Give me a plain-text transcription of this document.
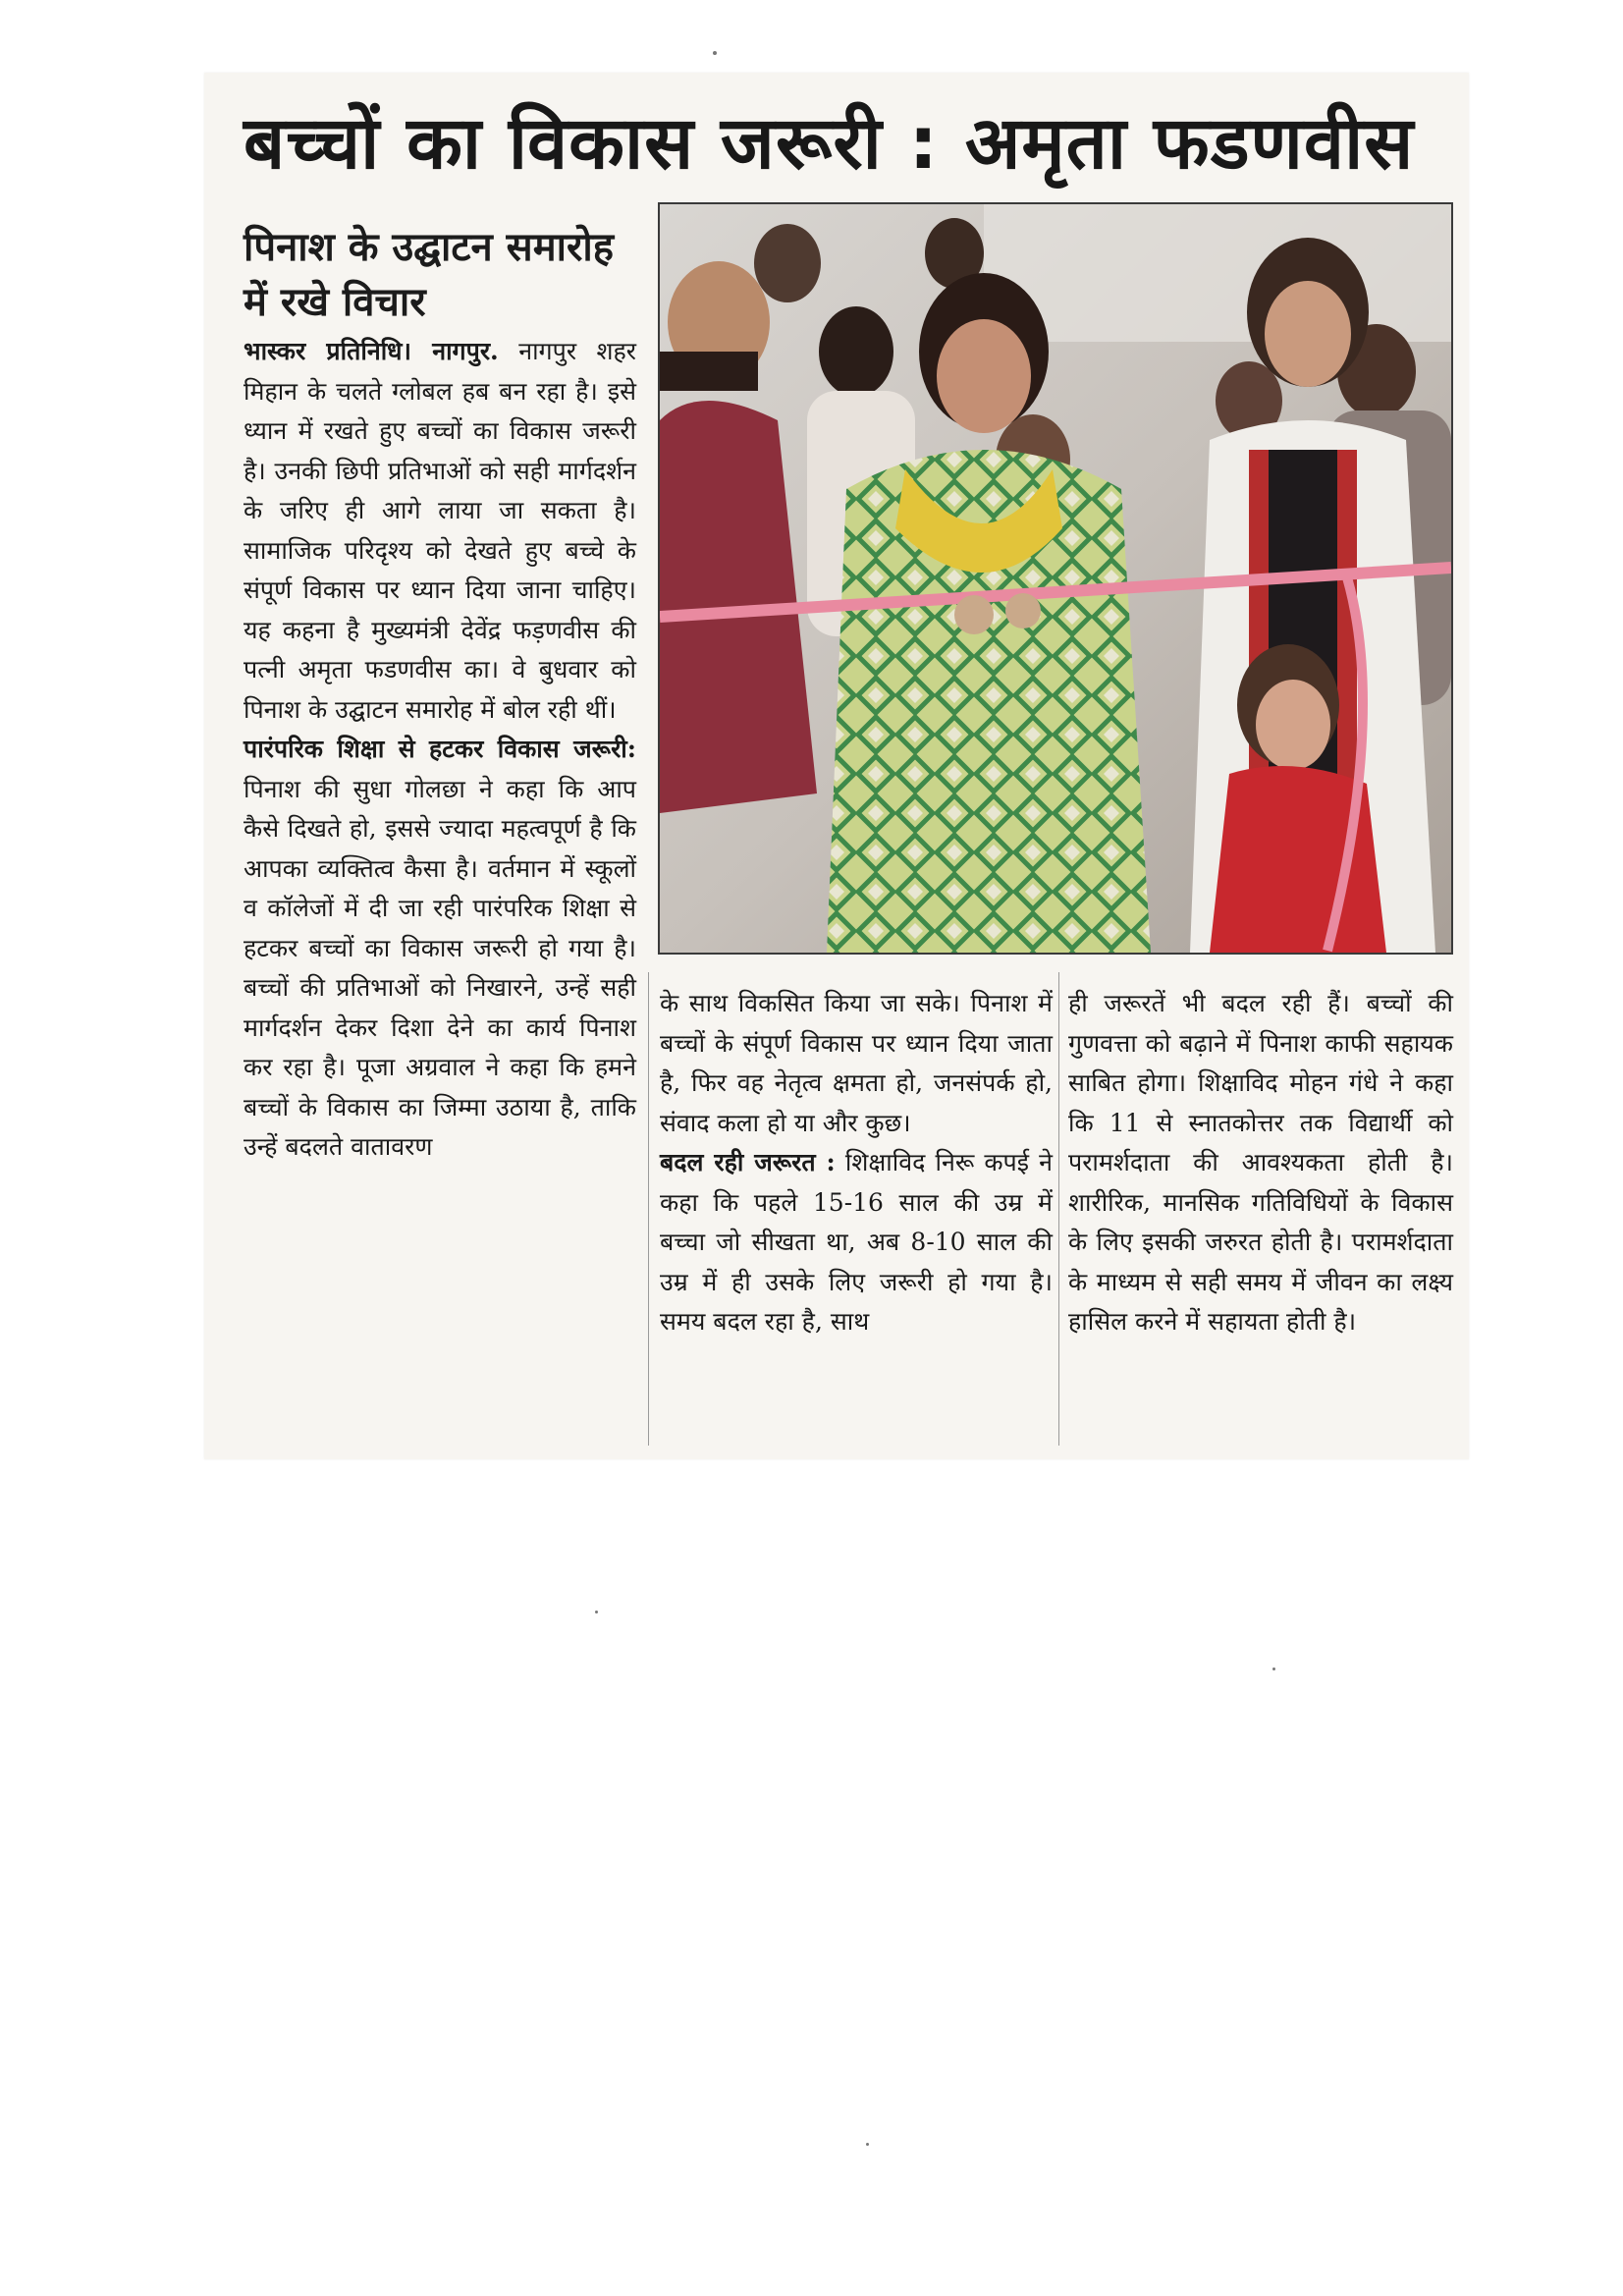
बच्चों का विकास जरूरी : अमृता फडणवीस
पिनाश के उद्घाटन समारोह में रखे विचार

भास्कर प्रतिनिधि। नागपुर. नागपुर शहर मिहान के चलते ग्लोबल हब बन रहा है। इसे ध्यान में रखते हुए बच्चों का विकास जरूरी है। उनकी छिपी प्रतिभाओं को सही मार्गदर्शन के जरिए ही आगे लाया जा सकता है। सामाजिक परिदृश्य को देखते हुए बच्चे के संपूर्ण विकास पर ध्यान दिया जाना चाहिए। यह कहना है मुख्यमंत्री देवेंद्र फड़णवीस की पत्नी अमृता फडणवीस का। वे बुधवार को पिनाश के उद्घाटन समारोह में बोल रही थीं।

पारंपरिक शिक्षा से हटकर विकास जरूरी: पिनाश की सुधा गोलछा ने कहा कि आप कैसे दिखते हो, इससे ज्यादा महत्वपूर्ण है कि आपका व्यक्तित्व कैसा है। वर्तमान में स्कूलों व कॉलेजों में दी जा रही पारंपरिक शिक्षा से हटकर बच्चों का विकास जरूरी हो गया है। बच्चों की प्रतिभाओं को निखारने, उन्हें सही मार्गदर्शन देकर दिशा देने का कार्य पिनाश कर रहा है। पूजा अग्रवाल ने कहा कि हमने बच्चों के विकास का जिम्मा उठाया है, ताकि उन्हें बदलते वातावरण

के साथ विकसित किया जा सके। पिनाश में बच्चों के संपूर्ण विकास पर ध्यान दिया जाता है, फिर वह नेतृत्व क्षमता हो, जनसंपर्क हो, संवाद कला हो या और कुछ।

बदल रही जरूरत : शिक्षाविद निरू कपई ने कहा कि पहले 15-16 साल की उम्र में बच्चा जो सीखता था, अब 8-10 साल की उम्र में ही उसके लिए जरूरी हो गया है। समय बदल रहा है, साथ

ही जरूरतें भी बदल रही हैं। बच्चों की गुणवत्ता को बढ़ाने में पिनाश काफी सहायक साबित होगा। शिक्षाविद मोहन गंधे ने कहा कि 11 से स्नातकोत्तर तक विद्यार्थी को परामर्शदाता की आवश्यकता होती है। शारीरिक, मानसिक गतिविधियों के विकास के लिए इसकी जरुरत होती है। परामर्शदाता के माध्यम से सही समय में जीवन का लक्ष्य हासिल करने में सहायता होती है।
